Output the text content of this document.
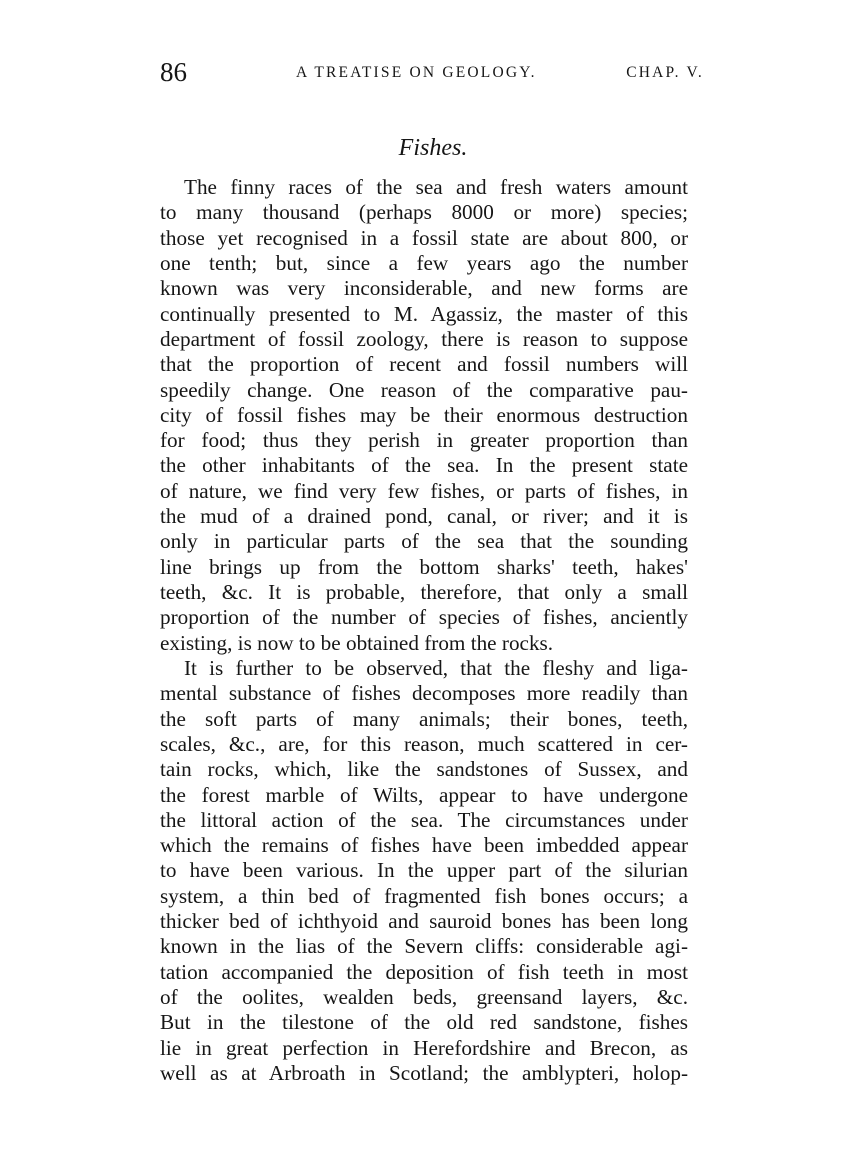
86	A TREATISE ON GEOLOGY.	CHAP. V.
Fishes.
The finny races of the sea and fresh waters amount
to many thousand (perhaps 8000 or more) species;
those yet recognised in a fossil state are about 800, or
one tenth; but, since a few years ago the number
known was very inconsiderable, and new forms are
continually presented to M. Agassiz, the master of this
department of fossil zoology, there is reason to suppose
that the proportion of recent and fossil numbers will
speedily change. One reason of the comparative pau-
city of fossil fishes may be their enormous destruction
for food; thus they perish in greater proportion than
the other inhabitants of the sea. In the present state
of nature, we find very few fishes, or parts of fishes, in
the mud of a drained pond, canal, or river; and it is
only in particular parts of the sea that the sounding
line brings up from the bottom sharks' teeth, hakes'
teeth, &c. It is probable, therefore, that only a small
proportion of the number of species of fishes, anciently
existing, is now to be obtained from the rocks.
It is further to be observed, that the fleshy and liga-
mental substance of fishes decomposes more readily than
the soft parts of many animals; their bones, teeth,
scales, &c., are, for this reason, much scattered in cer-
tain rocks, which, like the sandstones of Sussex, and
the forest marble of Wilts, appear to have undergone
the littoral action of the sea. The circumstances under
which the remains of fishes have been imbedded appear
to have been various. In the upper part of the silurian
system, a thin bed of fragmented fish bones occurs; a
thicker bed of ichthyoid and sauroid bones has been long
known in the lias of the Severn cliffs: considerable agi-
tation accompanied the deposition of fish teeth in most
of the oolites, wealden beds, greensand layers, &c.
But in the tilestone of the old red sandstone, fishes
lie in great perfection in Herefordshire and Brecon, as
well as at Arbroath in Scotland; the amblypteri, holop-
